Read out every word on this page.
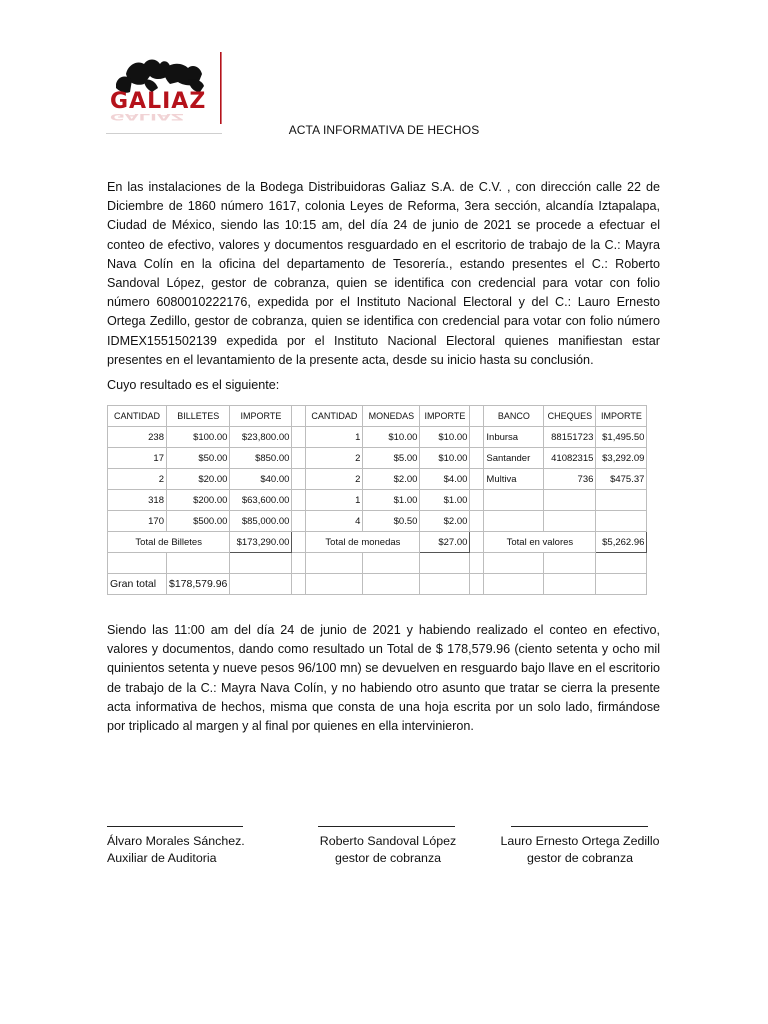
GALIAZ
GALIAZ
ACTA INFORMATIVA DE HECHOS
En las instalaciones de la Bodega Distribuidoras Galiaz S.A. de C.V. , con dirección calle 22 de Diciembre de 1860 número 1617, colonia Leyes de Reforma, 3era sección, alcandía Iztapalapa, Ciudad de México, siendo las 10:15 am, del día 24 de junio de 2021 se procede a efectuar el conteo de efectivo, valores y documentos resguardado en el escritorio de trabajo de la C.: Mayra Nava Colín en la oficina del departamento de Tesorería., estando presentes el C.: Roberto Sandoval López, gestor de cobranza, quien se identifica con credencial para votar con folio número 6080010222176, expedida por el Instituto Nacional Electoral y del C.: Lauro Ernesto Ortega Zedillo, gestor de cobranza, quien se identifica con credencial para votar con folio número IDMEX1551502139 expedida por el Instituto Nacional Electoral quienes manifiestan estar presentes en el levantamiento de la presente acta, desde su inicio hasta su conclusión.
Cuyo resultado es el siguiente:
CANTIDAD	BILLETES	IMPORTE		CANTIDAD	MONEDAS	IMPORTE		BANCO	CHEQUES	IMPORTE
238	$100.00	$23,800.00		1	$10.00	$10.00		Inbursa	88151723	$1,495.50
17	$50.00	$850.00		2	$5.00	$10.00		Santander	41082315	$3,292.09
2	$20.00	$40.00		2	$2.00	$4.00		Multiva	736	$475.37
318	$200.00	$63,600.00		1	$1.00	$1.00				
170	$500.00	$85,000.00		4	$0.50	$2.00				
Total de Billetes		$173,290.00		Total de monedas		$27.00		Total en valores		$5,262.96

Gran total	$178,579.96									
Siendo las 11:00 am del día 24 de junio de 2021 y habiendo realizado el conteo en efectivo, valores y documentos, dando como resultado un Total de $ 178,579.96 (ciento setenta y ocho mil quinientos setenta y nueve pesos 96/100 mn) se devuelven en resguardo bajo llave en el escritorio de trabajo de la C.: Mayra Nava Colín, y no habiendo otro asunto que tratar se cierra la presente acta informativa de hechos, misma que consta de una hoja escrita por un solo lado, firmándose por triplicado al margen y al final por quienes en ella intervinieron.
Álvaro Morales Sánchez.
Auxiliar de Auditoria
Roberto Sandoval López
gestor de cobranza
Lauro Ernesto Ortega Zedillo
gestor de cobranza
